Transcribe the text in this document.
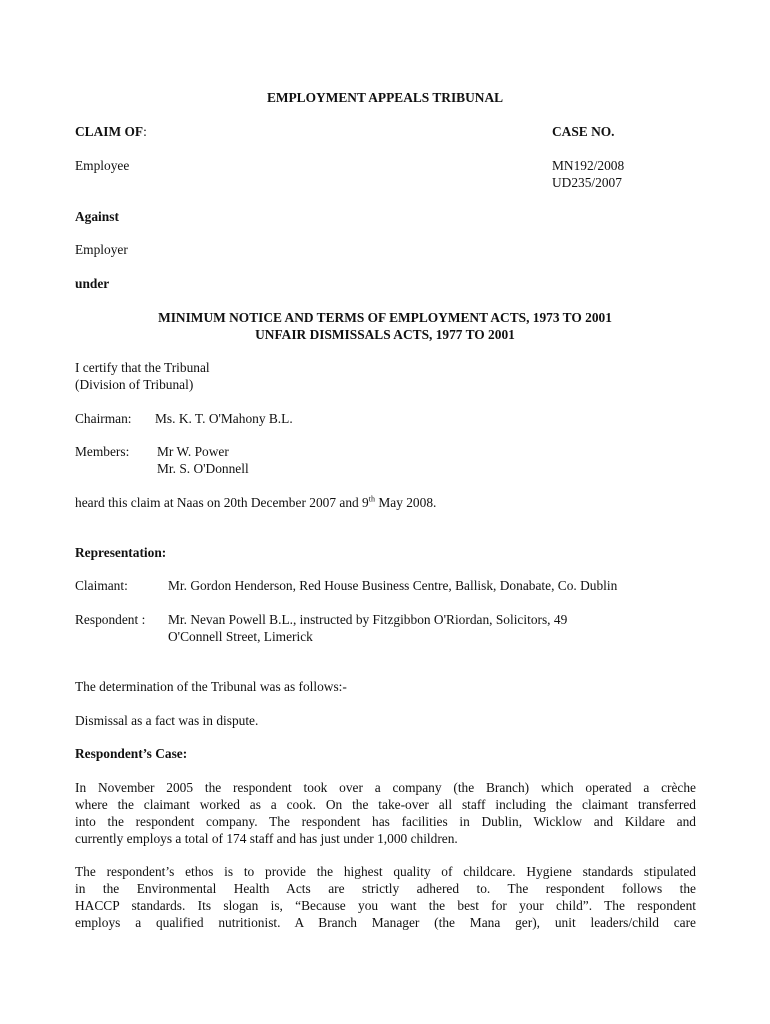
EMPLOYMENT APPEALS TRIBUNAL
CLAIM OF:	CASE NO.
Employee	MN192/2008
UD235/2007
Against
Employer
under
MINIMUM NOTICE AND TERMS OF EMPLOYMENT ACTS, 1973 TO 2001
UNFAIR DISMISSALS ACTS, 1977 TO 2001
I certify that the Tribunal
(Division of Tribunal)
Chairman: Ms. K. T. O'Mahony B.L.
Members: Mr W. Power
Mr. S. O'Donnell
heard this claim at Naas on 20th December 2007 and 9th May 2008.
Representation:
Claimant:	Mr. Gordon Henderson, Red House Business Centre, Ballisk, Donabate, Co. Dublin
Respondent : Mr. Nevan Powell B.L., instructed by Fitzgibbon O'Riordan, Solicitors, 49
O'Connell Street, Limerick
The determination of the Tribunal was as follows:-
Dismissal as a fact was in dispute.
Respondent’s Case:
In November 2005 the respondent took over a company (the Branch) which operated a crèche
where the claimant worked as a cook. On the take-over all staff including the claimant transferred
into the respondent company. The respondent has facilities in Dublin, Wicklow and Kildare and
currently employs a total of 174 staff and has just under 1,000 children.
The respondent’s ethos is to provide the highest quality of childcare. Hygiene standards stipulated
in the Environmental Health Acts are strictly adhered to. The respondent follows the
HACCP standards. Its slogan is, “Because you want the best for your child”. The respondent
employs a qualified nutritionist. A Branch Manager (the Mana ger), unit leaders/child care
